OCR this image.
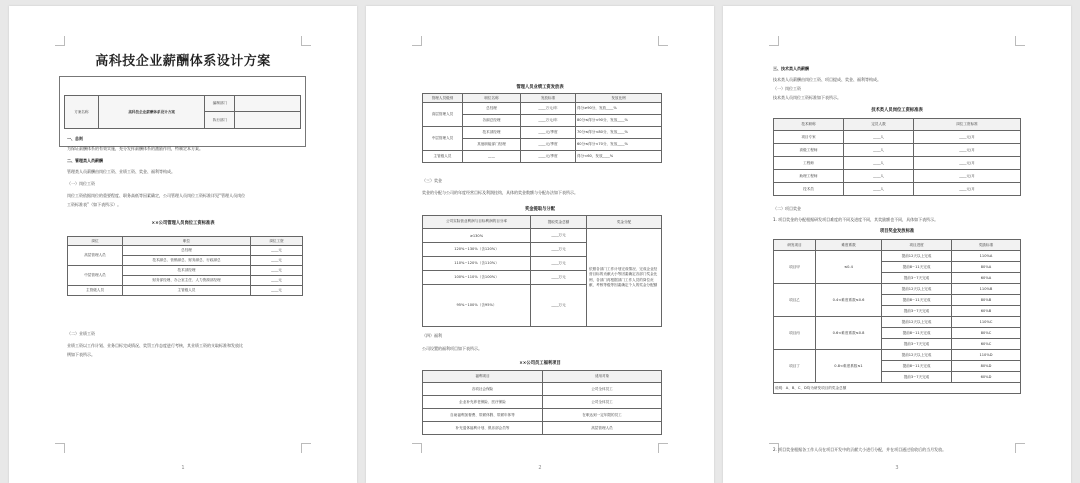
高科技企业薪酬体系设计方案
方案名称	高科技企业薪酬体系设计方案	编制部门	
		执行部门	
一、总则
为保证薪酬体系的有效实施，充分发挥薪酬体系的激励作用，特制定本方案。
二、管理类人员薪酬
管理类人员薪酬由岗位工资、业绩工资、奖金、福利等构成。
（一）岗位工资
岗位工资依据岗位的重要程度、职务高低等因素确定，公司管理人员岗位工资标准详见“管理人员岗位
工资标准表”（如下表所示）。
××公司管理人员岗位工资标准表
岗位	职位	岗位工资
高层管理人员	总经理	____元
	技术副总、营销副总、财务副总、行政副总	____元
中层管理人员	技术部经理	____元
	财务部经理、办公室主任、人力资源部经理	____元
主管级人员	主管级人员	____元
（二）业绩工资
业绩工资以工作计划、业务目标完成情况、奖罚工作态度进行考核，其业绩工资的支取标准和发放比
例如下表所示。
1
管理人员业绩工资发放表
管理人员级别	职位名称	发放标准	发放比例
高层管理人员	总经理	____万元/年	得分≥90分，发放____%
	各副总经理	____万元/年	80分≤得分<90分，发放____%
中层管理人员	技术部经理	____元/季度	70分≤得分<80分，发放____%
	其他职能部门经理	____元/季度	60分≤得分<70分，发放____%
主管级人员	——	____元/季度	得分<60，发放____%
（三）奖金
奖金的分配与公司的年度经营目标及利润挂钩，具体的奖金数额与分配办法如下表所示。
奖金提取与分配
公司实际营业利润与目标利润的百分率	提取奖金总额	奖金分配
≥130%	____万元	依照各部门工作计划完成情况、完成企业经营目标的贡献大小等因素确定各部门奖金比例，各部门再根据部门工作人员的岗位贡献、考核等级等因素确定个人的奖金分配额
120%~130%（含120%）	____万元	
110%~120%（含110%）	____万元	
100%~110%（含100%）	____万元	
95%~100%（含95%）	____万元	
（四）福利
公司设置的福利项目如下表所示。
××公司员工福利项目
福利项目	适用对象
各项社会保险	公司全体员工
企业补充养老保险、医疗保险	公司全体员工
自助福利加餐费、带薪休假、带薪年休等	在职达到一定年限的员工
补充退休福利计划、俱乐部会员等	高层管理人员
2
三、技术类人员薪酬
技术类人员薪酬由岗位工资、项目提成、奖金、福利等构成。
（一）岗位工资
技术类人员岗位工资标准如下表所示。
技术类人员岗位工资标准表
技术职称	定员人数	岗位工资标准
项目专家	____人	____元/月
高级工程师	____人	____元/月
工程师	____人	____元/月
助理工程师	____人	____元/月
技术员	____人	____元/月
（二）项目奖金
1. 项目奖金的分配根据研发项目难度的不同及进度不同，其奖励额也不同，具体如下表所示。
项目奖金发放标准
研发项目	难度系数	项目进度	奖励标准
项目甲	≤0.4	提前12天以上完成	110%A
		提前8~11天完成	80%A
		提前3~7天完成	60%A
项目乙	0.4<难度系数≤0.6	提前12天以上完成	110%B
		提前8~11天完成	80%B
		提前3~7天完成	60%B
项目丙	0.6<难度系数≤0.8	提前12天以上完成	110%C
		提前8~11天完成	80%C
		提前3~7天完成	60%C
项目丁	0.8<难度系数≤1	提前12天以上完成	110%D
		提前8~11天完成	80%D
		提前3~7天完成	60%D
说明：A、B、C、D均为研发项目的奖金总额			
2. 项目奖金根据各工作人员在项目开发中的贡献大小进行分配，并在项目通过验收后的当月发放。
3
